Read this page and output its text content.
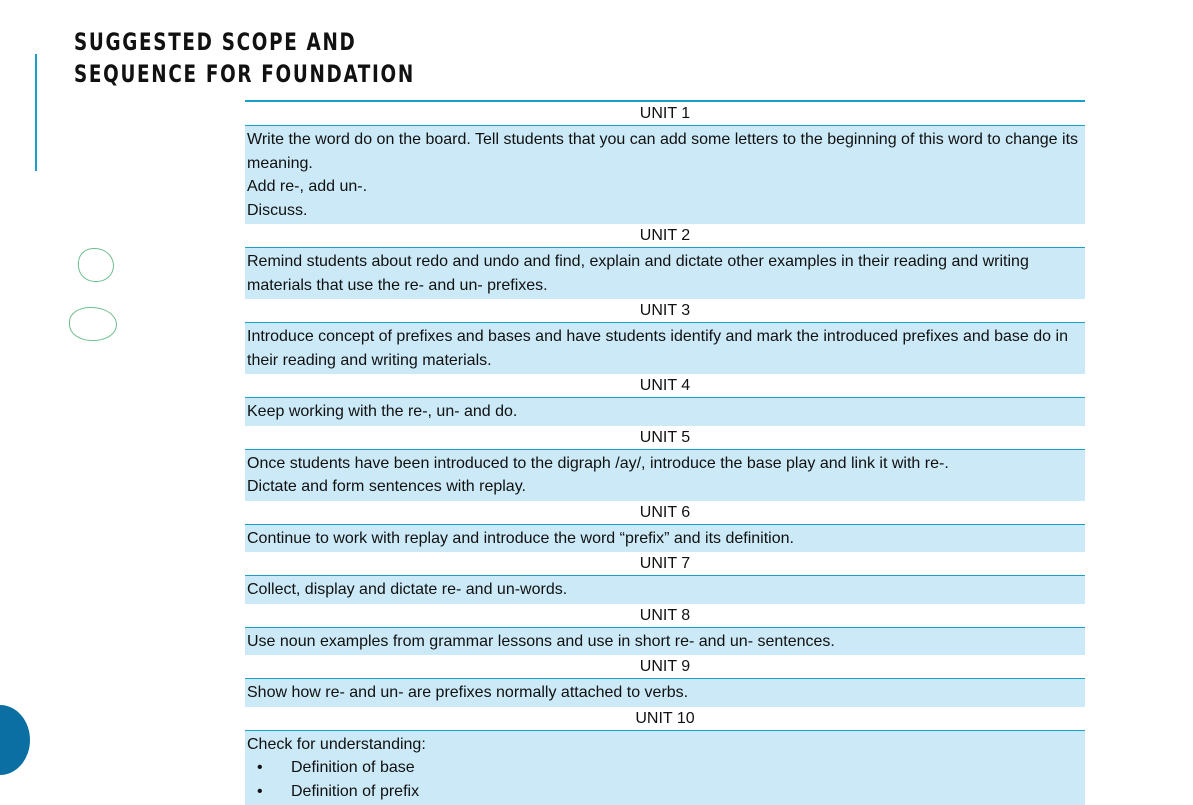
SUGGESTED SCOPE AND
SEQUENCE FOR FOUNDATION
UNIT 1

Write the word do on the board. Tell students that you can add some letters to the beginning of this word to change its meaning.

Add re-, add un-.

Discuss.

UNIT 2

Remind students about redo and undo and find, explain and dictate other examples in their reading and writing materials that use the re- and un- prefixes.

UNIT 3

Introduce concept of prefixes and bases and have students identify and mark the introduced prefixes and base do in their reading and writing materials.

UNIT 4

Keep working with the re-, un- and do.

UNIT 5

Once students have been introduced to the digraph /ay/, introduce the base play and link it with re-.

Dictate and form sentences with replay.

UNIT 6

Continue to work with replay and introduce the word “prefix” and its definition.

UNIT 7

Collect, display and dictate re- and un-words.

UNIT 8

Use noun examples from grammar lessons and use in short re- and un- sentences.

UNIT 9

Show how re- and un- are prefixes normally attached to verbs.

UNIT 10

Check for understanding:

• Definition of base
• Definition of prefix
